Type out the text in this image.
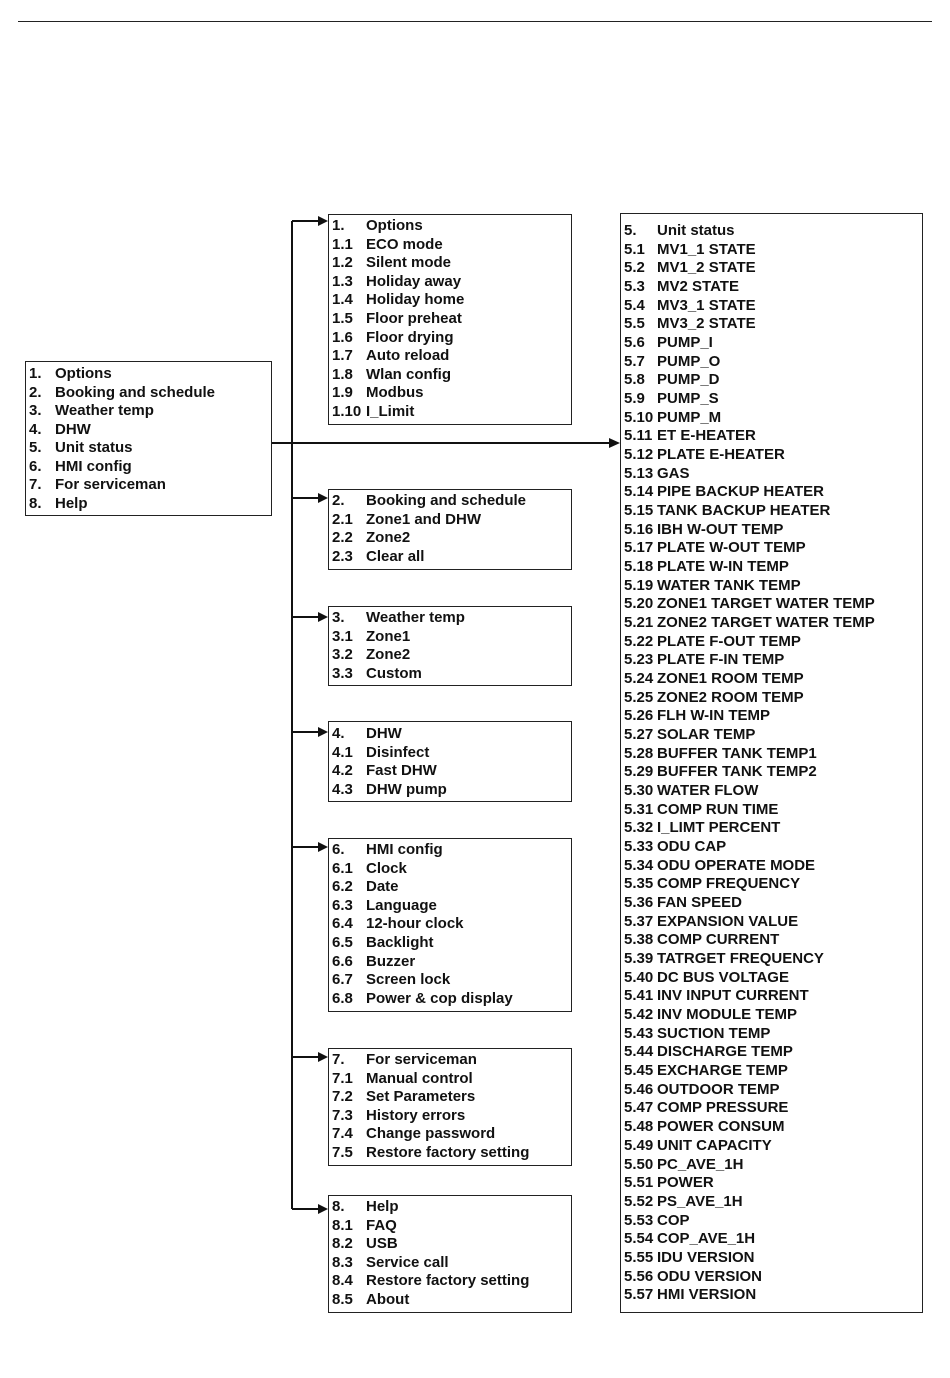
1. Options
2. Booking and schedule
3. Weather temp
4. DHW
5. Unit status
6. HMI config
7. For serviceman
8. Help
1. Options
1.1 ECO mode
1.2 Silent mode
1.3 Holiday away
1.4 Holiday home
1.5 Floor preheat
1.6 Floor drying
1.7 Auto reload
1.8 Wlan config
1.9 Modbus
1.10 I_Limit
2. Booking and schedule
2.1 Zone1 and DHW
2.2 Zone2
2.3 Clear all
3. Weather temp
3.1 Zone1
3.2 Zone2
3.3 Custom
4. DHW
4.1 Disinfect
4.2 Fast DHW
4.3 DHW pump
6. HMI config
6.1 Clock
6.2 Date
6.3 Language
6.4 12-hour clock
6.5 Backlight
6.6 Buzzer
6.7 Screen lock
6.8 Power & cop display
7. For serviceman
7.1 Manual control
7.2 Set Parameters
7.3 History errors
7.4 Change password
7.5 Restore factory setting
8. Help
8.1 FAQ
8.2 USB
8.3 Service call
8.4 Restore factory setting
8.5 About
5. Unit status
5.1 MV1_1 STATE
5.2 MV1_2 STATE
5.3 MV2 STATE
5.4 MV3_1 STATE
5.5 MV3_2 STATE
5.6 PUMP_I
5.7 PUMP_O
5.8 PUMP_D
5.9 PUMP_S
5.10 PUMP_M
5.11 ET E-HEATER
5.12 PLATE E-HEATER
5.13 GAS
5.14 PIPE BACKUP HEATER
5.15 TANK BACKUP HEATER
5.16 IBH W-OUT TEMP
5.17 PLATE W-OUT TEMP
5.18 PLATE W-IN TEMP
5.19 WATER TANK TEMP
5.20 ZONE1 TARGET WATER TEMP
5.21 ZONE2 TARGET WATER TEMP
5.22 PLATE F-OUT TEMP
5.23 PLATE F-IN TEMP
5.24 ZONE1 ROOM TEMP
5.25 ZONE2 ROOM TEMP
5.26 FLH W-IN TEMP
5.27 SOLAR TEMP
5.28 BUFFER TANK TEMP1
5.29 BUFFER TANK TEMP2
5.30 WATER FLOW
5.31 COMP RUN TIME
5.32 I_LIMT PERCENT
5.33 ODU CAP
5.34 ODU OPERATE MODE
5.35 COMP FREQUENCY
5.36 FAN SPEED
5.37 EXPANSION VALUE
5.38 COMP CURRENT
5.39 TATRGET FREQUENCY
5.40 DC BUS VOLTAGE
5.41 INV INPUT CURRENT
5.42 INV MODULE TEMP
5.43 SUCTION TEMP
5.44 DISCHARGE TEMP
5.45 EXCHARGE TEMP
5.46 OUTDOOR TEMP
5.47 COMP PRESSURE
5.48 POWER CONSUM
5.49 UNIT CAPACITY
5.50 PC_AVE_1H
5.51 POWER
5.52 PS_AVE_1H
5.53 COP
5.54 COP_AVE_1H
5.55 IDU VERSION
5.56 ODU VERSION
5.57 HMI VERSION
